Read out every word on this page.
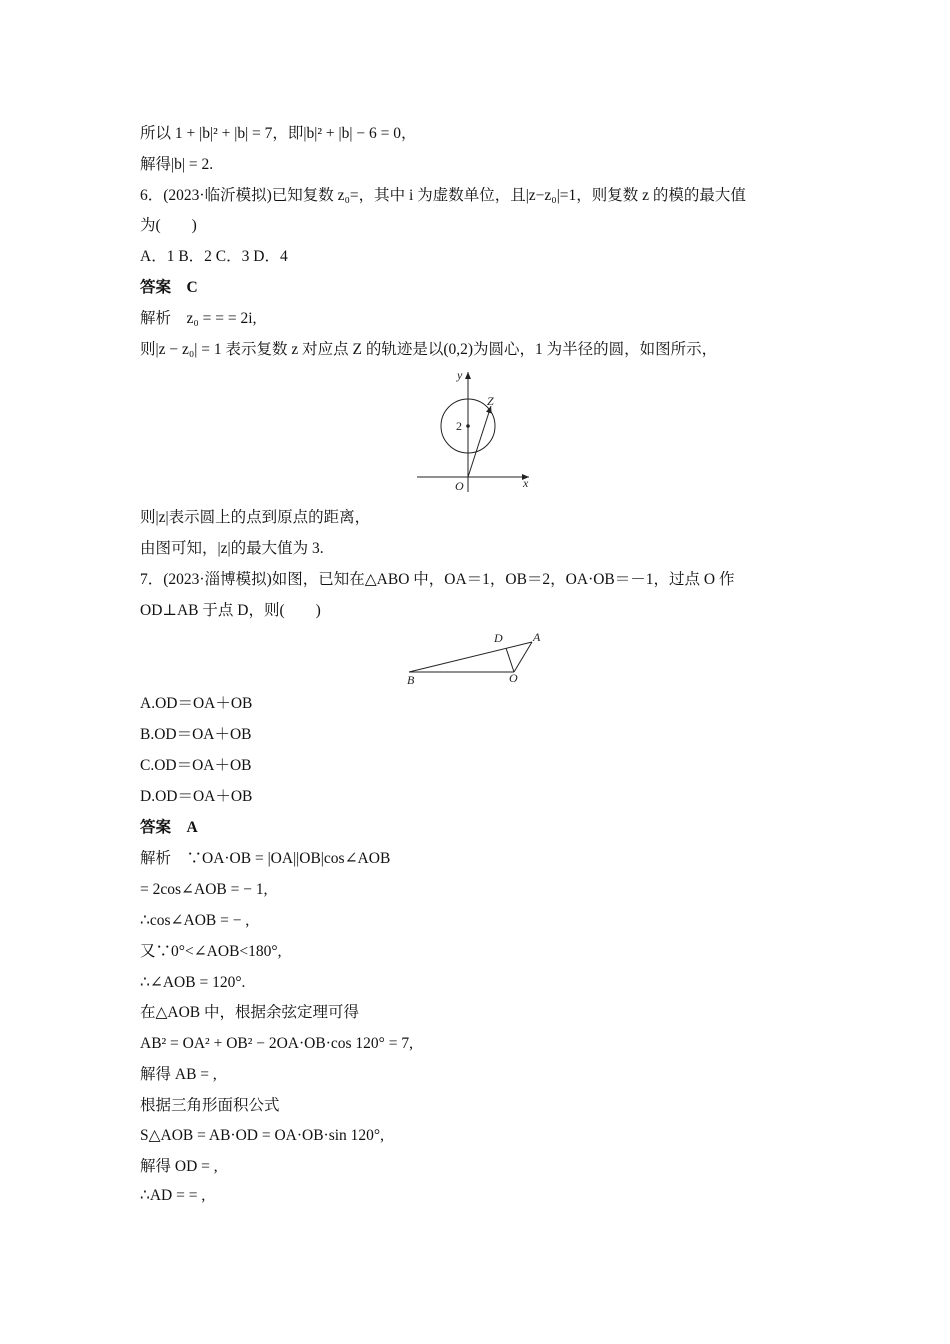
所以 1 + |b|² + |b| = 7，即|b|² + |b| − 6 = 0，
解得|b| = 2.
6．(2023·临沂模拟)已知复数 z₀=，其中 i 为虚数单位，且|z−z₀|=1，则复数 z 的模的最大值
为(　　)
A．1 B．2 C．3 D．4
答案　C
解析　z₀ = = = 2i,
则|z − z₀| = 1 表示复数 z 对应点 Z 的轨迹是以(0,2)为圆心，1 为半径的圆，如图所示，
y
Z
2
O	x
则|z|表示圆上的点到原点的距离，
由图可知，|z|的最大值为 3.
7．(2023·淄博模拟)如图，已知在△ABO 中，OA＝1，OB＝2，OA·OB＝－1，过点 O 作
OD⊥AB 于点 D，则(　　)
D	A
B	O
A.OD＝OA＋OB
B.OD＝OA＋OB
C.OD＝OA＋OB
D.OD＝OA＋OB
答案　A
解析　∵OA·OB = |OA||OB|cos∠AOB
= 2cos∠AOB = − 1,
∴cos∠AOB = − ,
又∵0°<∠AOB<180°,
∴∠AOB = 120°.
在△AOB 中，根据余弦定理可得
AB² = OA² + OB² − 2OA·OB·cos 120° = 7,
解得 AB = ,
根据三角形面积公式
S△AOB = AB·OD = OA·OB·sin 120°,
解得 OD = ,
∴AD = = ,
